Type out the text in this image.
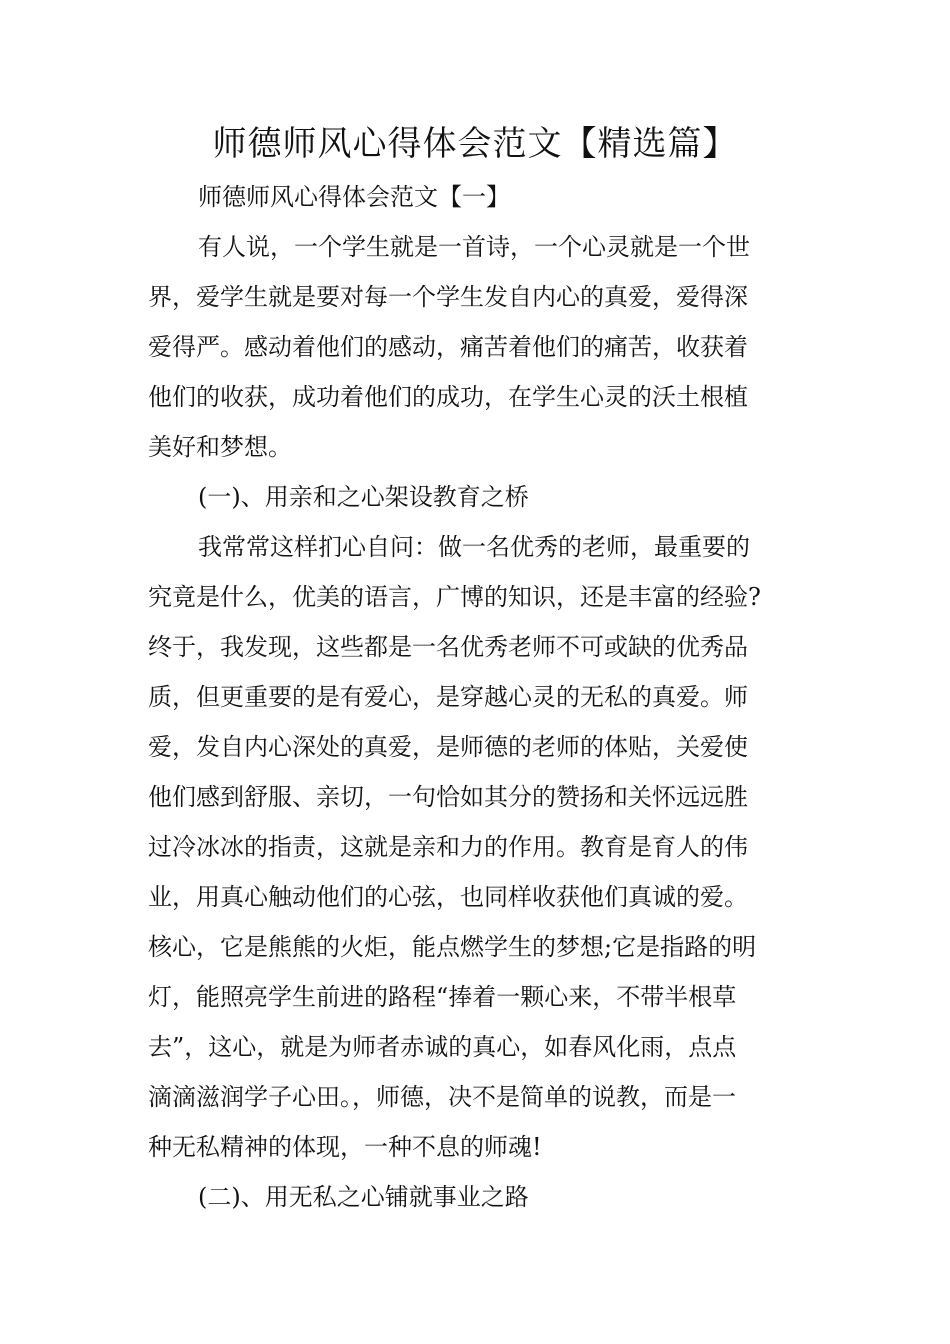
师德师风心得体会范文【精选篇】
师德师风心得体会范文【一】
有人说，一个学生就是一首诗，一个心灵就是一个世
界，爱学生就是要对每一个学生发自内心的真爱，爱得深
爱得严。感动着他们的感动，痛苦着他们的痛苦，收获着
他们的收获，成功着他们的成功，在学生心灵的沃土根植
美好和梦想。
(一)、用亲和之心架设教育之桥
我常常这样扪心自问：做一名优秀的老师，最重要的
究竟是什么，优美的语言，广博的知识，还是丰富的经验?
终于，我发现，这些都是一名优秀老师不可或缺的优秀品
质，但更重要的是有爱心，是穿越心灵的无私的真爱。师
爱，发自内心深处的真爱，是师德的老师的体贴，关爱使
他们感到舒服、亲切，一句恰如其分的赞扬和关怀远远胜
过冷冰冰的指责，这就是亲和力的作用。教育是育人的伟
业，用真心触动他们的心弦，也同样收获他们真诚的爱。
核心，它是熊熊的火炬，能点燃学生的梦想;它是指路的明
灯，能照亮学生前进的路程“捧着一颗心来，不带半根草
去”，这心，就是为师者赤诚的真心，如春风化雨，点点
滴滴滋润学子心田。，师德，决不是简单的说教，而是一
种无私精神的体现，一种不息的师魂!
(二)、用无私之心铺就事业之路
